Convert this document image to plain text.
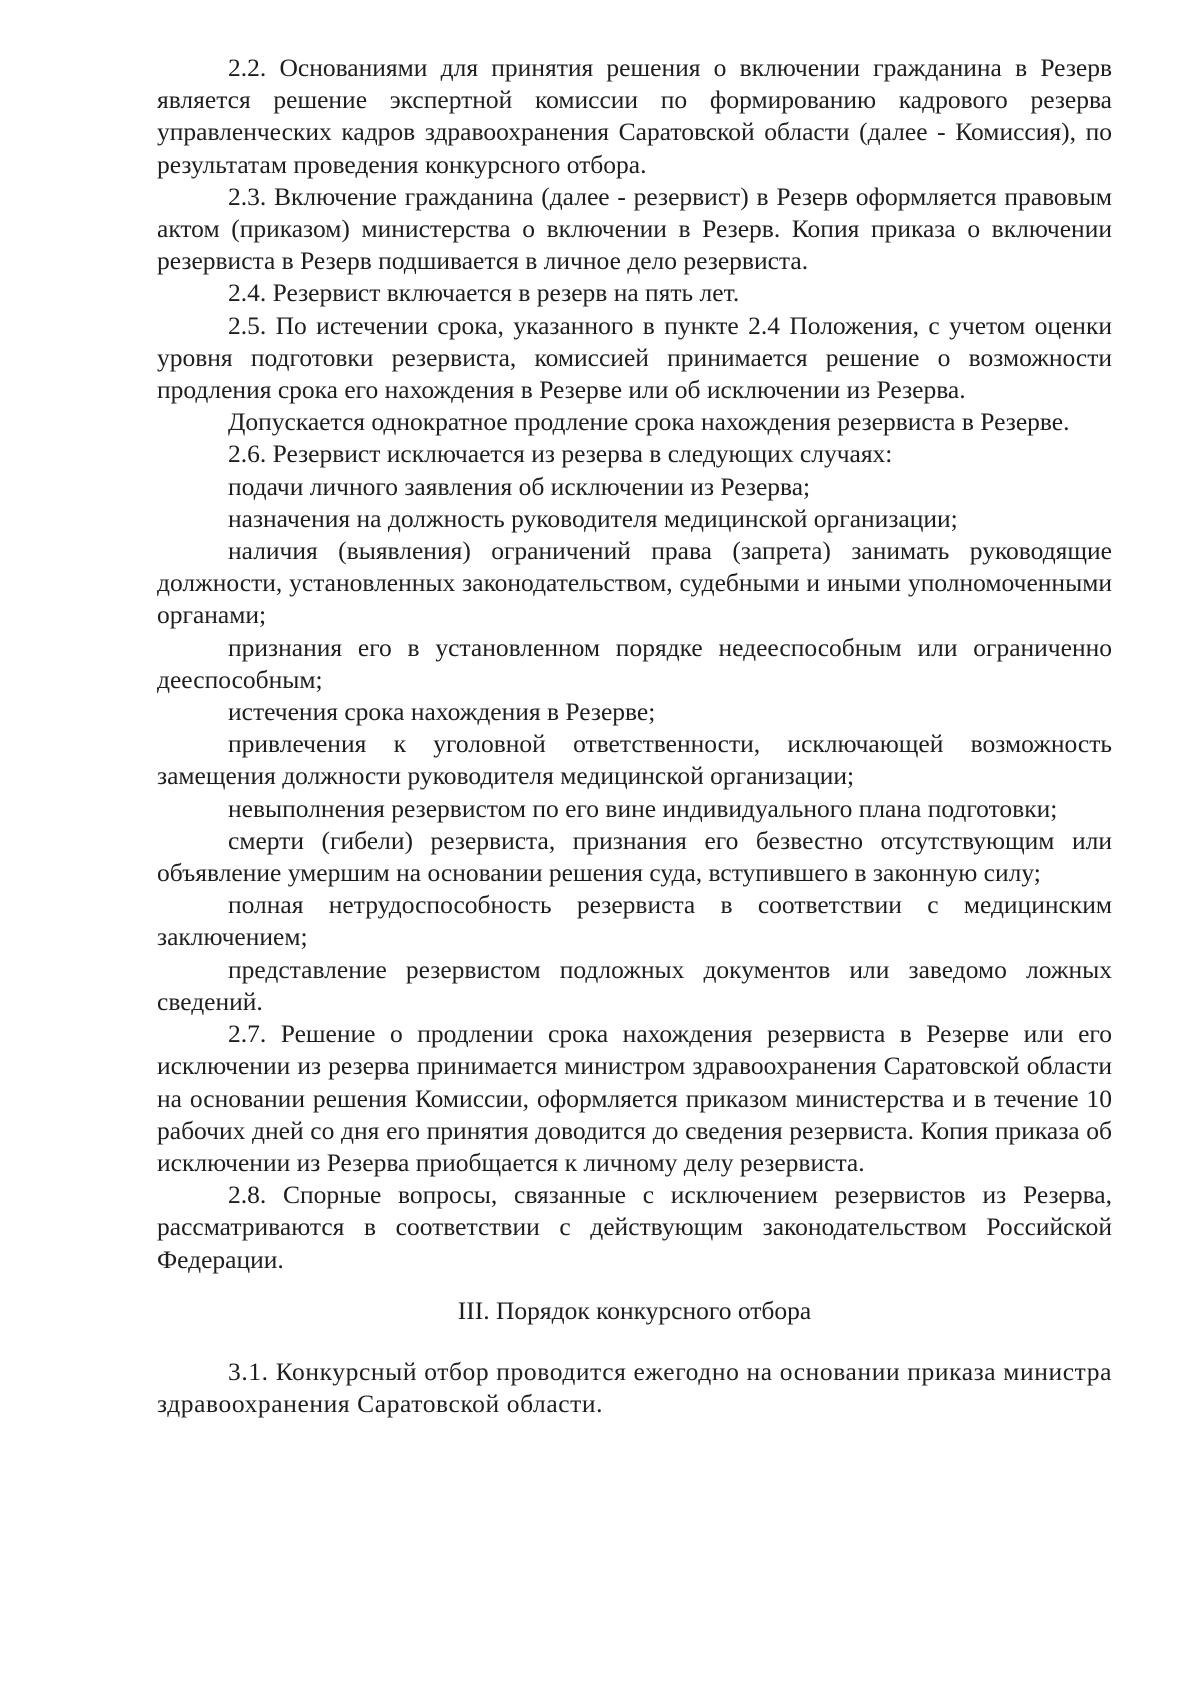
2.2. Основаниями для принятия решения о включении гражданина в Резерв является решение экспертной комиссии по формированию кадрового резерва управленческих кадров здравоохранения Саратовской области (далее - Комиссия), по результатам проведения конкурсного отбора.

2.3. Включение гражданина (далее - резервист) в Резерв оформляется правовым актом (приказом) министерства о включении в Резерв. Копия приказа о включении резервиста в Резерв подшивается в личное дело резервиста.

2.4. Резервист включается в резерв на пять лет.

2.5. По истечении срока, указанного в пункте 2.4 Положения, с учетом оценки уровня подготовки резервиста, комиссией принимается решение о возможности продления срока его нахождения в Резерве или об исключении из Резерва.

Допускается однократное продление срока нахождения резервиста в Резерве.

2.6. Резервист исключается из резерва в следующих случаях:

подачи личного заявления об исключении из Резерва;

назначения на должность руководителя медицинской организации;

наличия (выявления) ограничений права (запрета) занимать руководящие должности, установленных законодательством, судебными и иными уполномоченными органами;

признания его в установленном порядке недееспособным или ограниченно дееспособным;

истечения срока нахождения в Резерве;

привлечения к уголовной ответственности, исключающей возможность замещения должности руководителя медицинской организации;

невыполнения резервистом по его вине индивидуального плана подготовки;

смерти (гибели) резервиста, признания его безвестно отсутствующим или объявление умершим на основании решения суда, вступившего в законную силу;

полная нетрудоспособность резервиста в соответствии с медицинским заключением;

представление резервистом подложных документов или заведомо ложных сведений.

2.7. Решение о продлении срока нахождения резервиста в Резерве или его исключении из резерва принимается министром здравоохранения Саратовской области на основании решения Комиссии, оформляется приказом министерства и в течение 10 рабочих дней со дня его принятия доводится до сведения резервиста. Копия приказа об исключении из Резерва приобщается к личному делу резервиста.

2.8. Спорные вопросы, связанные с исключением резервистов из Резерва, рассматриваются в соответствии с действующим законодательством Российской Федерации.

III. Порядок конкурсного отбора

3.1. Конкурсный отбор проводится ежегодно на основании приказа министра здравоохранения Саратовской области.
